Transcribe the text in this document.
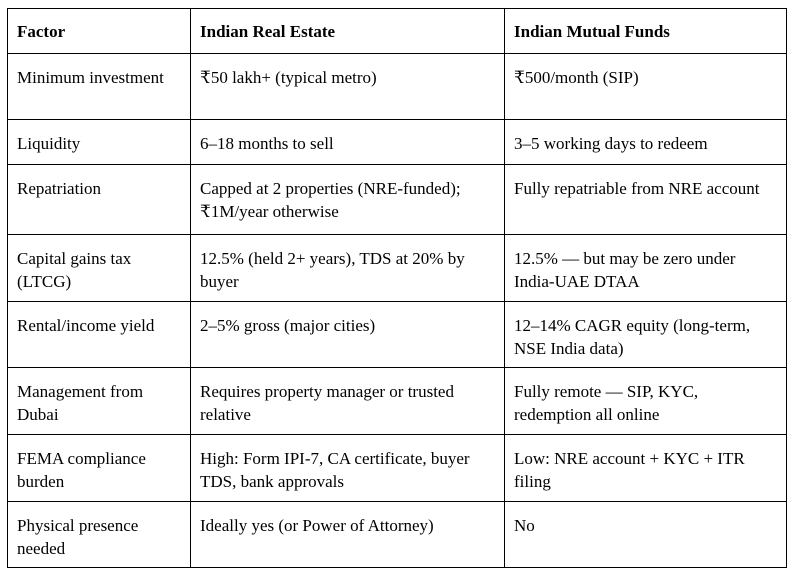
Factor	Indian Real Estate	Indian Mutual Funds
Minimum investment	₹50 lakh+ (typical metro)	₹500/month (SIP)
Liquidity	6–18 months to sell	3–5 working days to redeem
Repatriation	Capped at 2 properties (NRE-funded); ₹1M/year otherwise	Fully repatriable from NRE account
Capital gains tax (LTCG)	12.5% (held 2+ years), TDS at 20% by buyer	12.5% — but may be zero under India-UAE DTAA
Rental/income yield	2–5% gross (major cities)	12–14% CAGR equity (long-term, NSE India data)
Management from Dubai	Requires property manager or trusted relative	Fully remote — SIP, KYC, redemption all online
FEMA compliance burden	High: Form IPI-7, CA certificate, buyer TDS, bank approvals	Low: NRE account + KYC + ITR filing
Physical presence needed	Ideally yes (or Power of Attorney)	No
